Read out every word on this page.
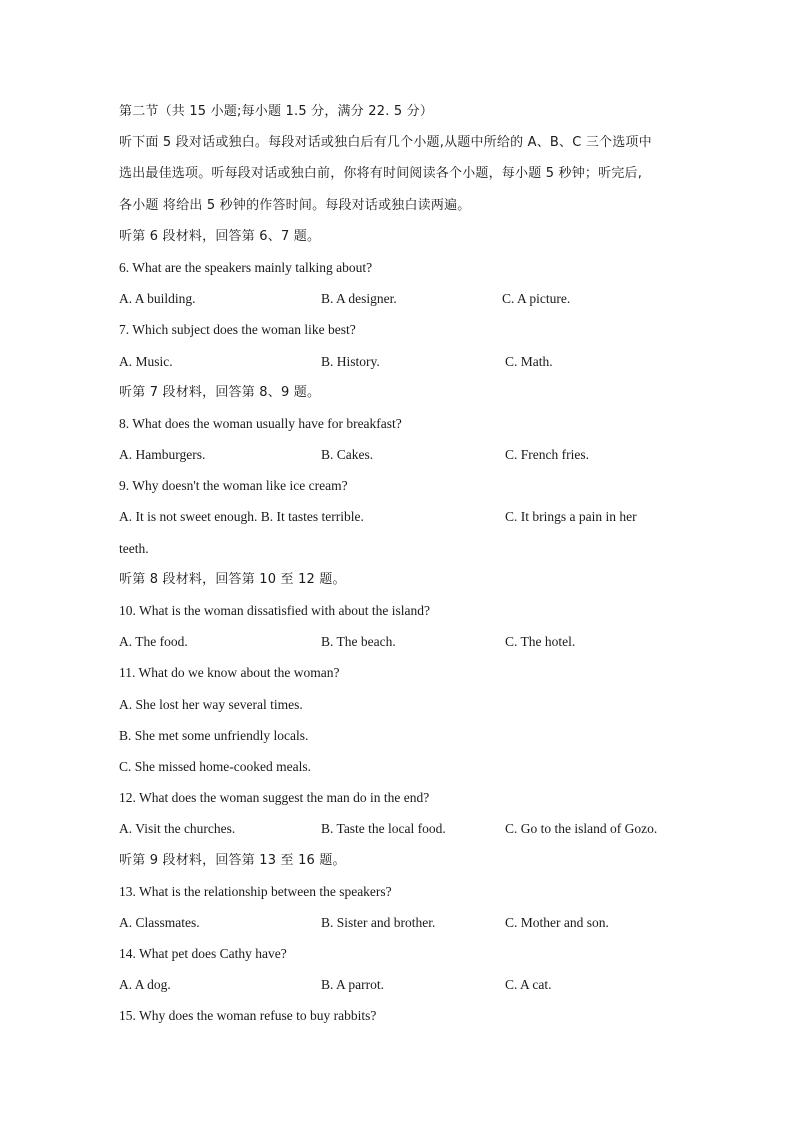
第二节（共 15 小题;每小题 1.5 分，满分 22. 5 分）
听下面 5 段对话或独白。每段对话或独白后有几个小题,从题中所给的 A、B、C 三个选项中
选出最佳选项。听每段对话或独白前，你将有时间阅读各个小题，每小题 5 秒钟；听完后,
各小题 将给出 5 秒钟的作答时间。每段对话或独白读两遍。
听第 6 段材料，回答第 6、7 题。
6. What are the speakers mainly talking about?
A. A building.	B. A designer.	C. A picture.
7. Which subject does the woman like best?
A. Music.	B. History.	C. Math.
听第 7 段材料，回答第 8、9 题。
8. What does the woman usually have for breakfast?
A. Hamburgers.	B. Cakes.	C. French fries.
9. Why doesn't the woman like ice cream?
A. It is not sweet enough. B. It tastes terrible.	C. It brings a pain in her
teeth.
听第 8 段材料，回答第 10 至 12 题。
10. What is the woman dissatisfied with about the island?
A. The food.	B. The beach.	C. The hotel.
11. What do we know about the woman?
A. She lost her way several times.
B. She met some unfriendly locals.
C. She missed home-cooked meals.
12. What does the woman suggest the man do in the end?
A. Visit the churches.	B. Taste the local food.	C. Go to the island of Gozo.
听第 9 段材料，回答第 13 至 16 题。
13. What is the relationship between the speakers?
A. Classmates.	B. Sister and brother.	C. Mother and son.
14. What pet does Cathy have?
A. A dog.	B. A parrot.	C. A cat.
15. Why does the woman refuse to buy rabbits?
